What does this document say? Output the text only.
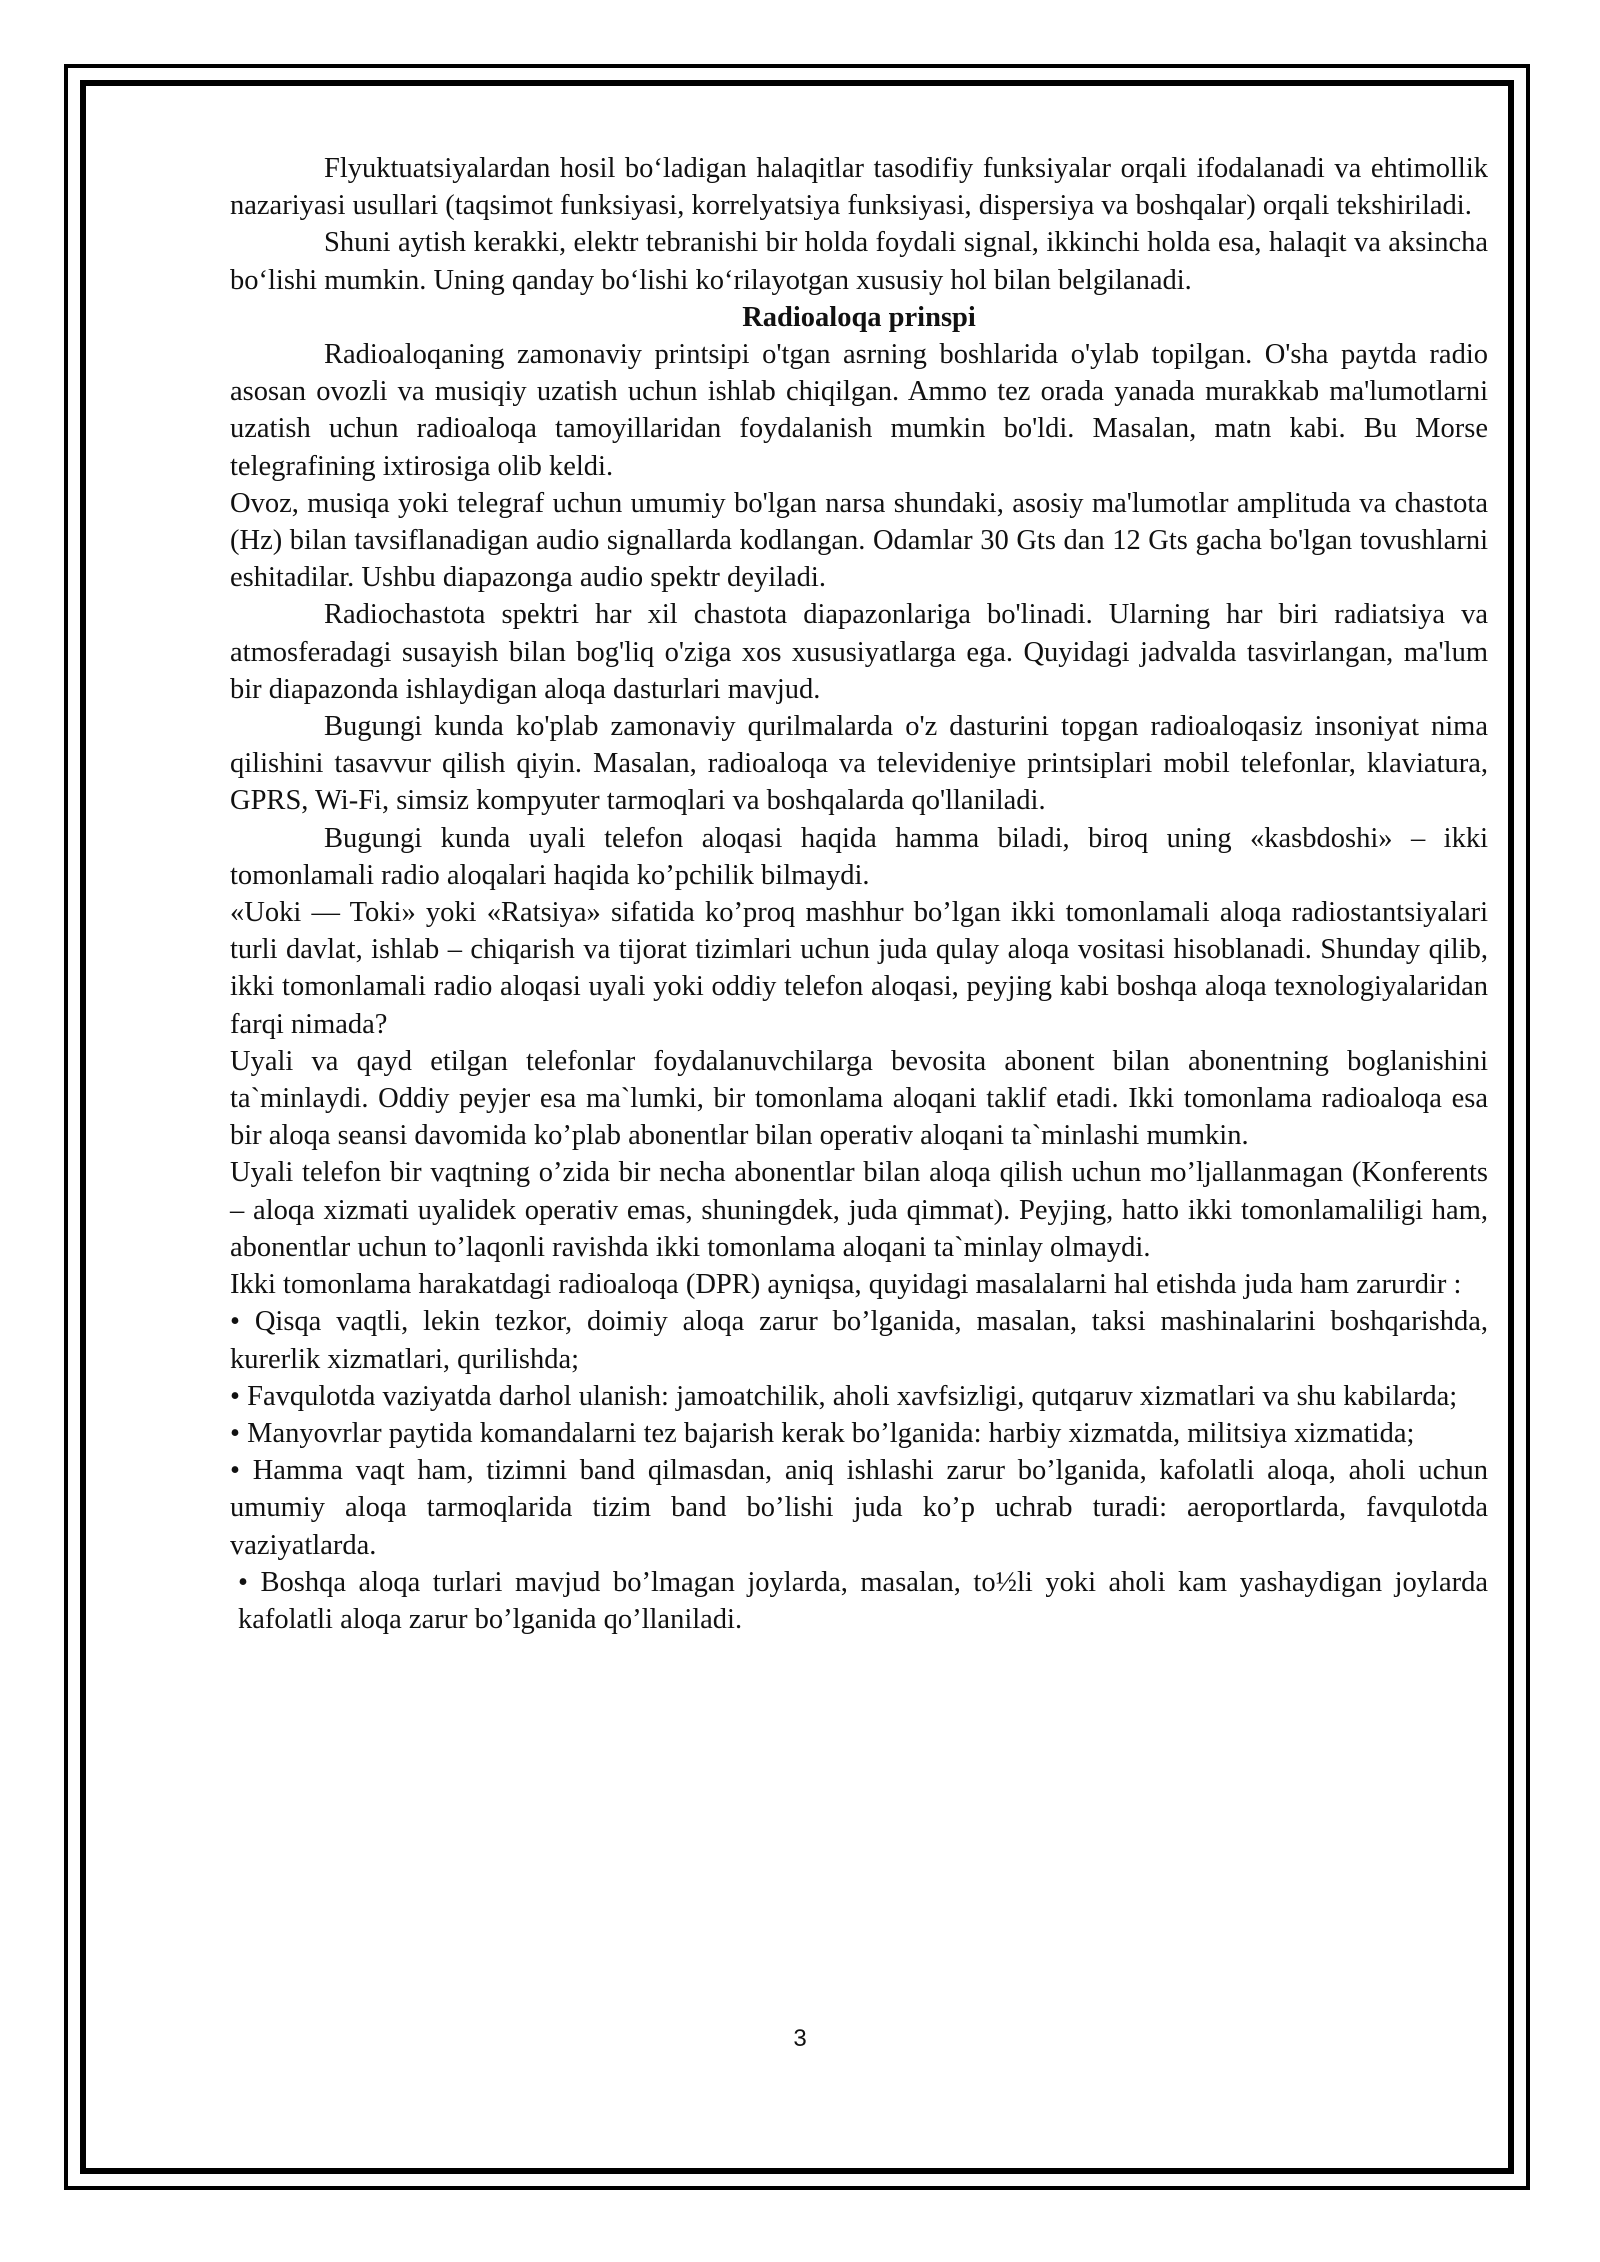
Flyuktuatsiyalardan hosil bo‘ladigan halaqitlar tasodifiy funksiyalar orqali ifodalanadi va ehtimollik nazariyasi usullari (taqsimot funksiyasi, korrelyatsiya funksiyasi, dispersiya va boshqalar) orqali tekshiriladi.

Shuni aytish kerakki, elektr tebranishi bir holda foydali signal, ikkinchi holda esa, halaqit va aksincha bo‘lishi mumkin. Uning qanday bo‘lishi ko‘rilayotgan xususiy hol bilan belgilanadi.

Radioaloqa prinspi

Radioaloqaning zamonaviy printsipi o'tgan asrning boshlarida o'ylab topilgan. O'sha paytda radio asosan ovozli va musiqiy uzatish uchun ishlab chiqilgan. Ammo tez orada yanada murakkab ma'lumotlarni uzatish uchun radioaloqa tamoyillaridan foydalanish mumkin bo'ldi. Masalan, matn kabi. Bu Morse telegrafining ixtirosiga olib keldi.

Ovoz, musiqa yoki telegraf uchun umumiy bo'lgan narsa shundaki, asosiy ma'lumotlar amplituda va chastota (Hz) bilan tavsiflanadigan audio signallarda kodlangan. Odamlar 30 Gts dan 12 Gts gacha bo'lgan tovushlarni eshitadilar. Ushbu diapazonga audio spektr deyiladi.

Radiochastota spektri har xil chastota diapazonlariga bo'linadi. Ularning har biri radiatsiya va atmosferadagi susayish bilan bog'liq o'ziga xos xususiyatlarga ega. Quyidagi jadvalda tasvirlangan, ma'lum bir diapazonda ishlaydigan aloqa dasturlari mavjud.

Bugungi kunda ko'plab zamonaviy qurilmalarda o'z dasturini topgan radioaloqasiz insoniyat nima qilishini tasavvur qilish qiyin. Masalan, radioaloqa va televideniye printsiplari mobil telefonlar, klaviatura, GPRS, Wi-Fi, simsiz kompyuter tarmoqlari va boshqalarda qo'llaniladi.

Bugungi kunda uyali telefon aloqasi haqida hamma biladi, biroq uning «kasbdoshi» – ikki tomonlamali radio aloqalari haqida ko’pchilik bilmaydi.

«Uoki — Toki» yoki «Ratsiya» sifatida ko’proq mashhur bo’lgan ikki tomonlamali aloqa radiostantsiyalari turli davlat, ishlab – chiqarish va tijorat tizimlari uchun juda qulay aloqa vositasi hisoblanadi. Shunday qilib, ikki tomonlamali radio aloqasi uyali yoki oddiy telefon aloqasi, peyjing kabi boshqa aloqa texnologiyalaridan farqi nimada?

Uyali va qayd etilgan telefonlar foydalanuvchilarga bevosita abonent bilan abonentning boglanishini ta`minlaydi. Oddiy peyjer esa ma`lumki, bir tomonlama aloqani taklif etadi. Ikki tomonlama radioaloqa esa bir aloqa seansi davomida ko’plab abonentlar bilan operativ aloqani ta`minlashi mumkin.

Uyali telefon bir vaqtning o’zida bir necha abonentlar bilan aloqa qilish uchun mo’ljallanmagan (Konferents – aloqa xizmati uyalidek operativ emas, shuningdek, juda qimmat). Peyjing, hatto ikki tomonlamaliligi ham, abonentlar uchun to’laqonli ravishda ikki tomonlama aloqani ta`minlay olmaydi.

Ikki tomonlama harakatdagi radioaloqa (DPR) ayniqsa, quyidagi masalalarni hal etishda juda ham zarurdir :

• Qisqa vaqtli, lekin tezkor, doimiy aloqa zarur bo’lganida, masalan, taksi mashinalarini boshqarishda, kurerlik xizmatlari, qurilishda;

• Favqulotda vaziyatda darhol ulanish: jamoatchilik, aholi xavfsizligi, qutqaruv xizmatlari va shu kabilarda;

• Manyovrlar paytida komandalarni tez bajarish kerak bo’lganida: harbiy xizmatda, militsiya xizmatida;

• Hamma vaqt ham, tizimni band qilmasdan, aniq ishlashi zarur bo’lganida, kafolatli aloqa, aholi uchun umumiy aloqa tarmoqlarida tizim band bo’lishi juda ko’p uchrab turadi: aeroportlarda, favqulotda vaziyatlarda.

• Boshqa aloqa turlari mavjud bo’lmagan joylarda, masalan, to½li yoki aholi kam yashaydigan joylarda kafolatli aloqa zarur bo’lganida qo’llaniladi.

3
